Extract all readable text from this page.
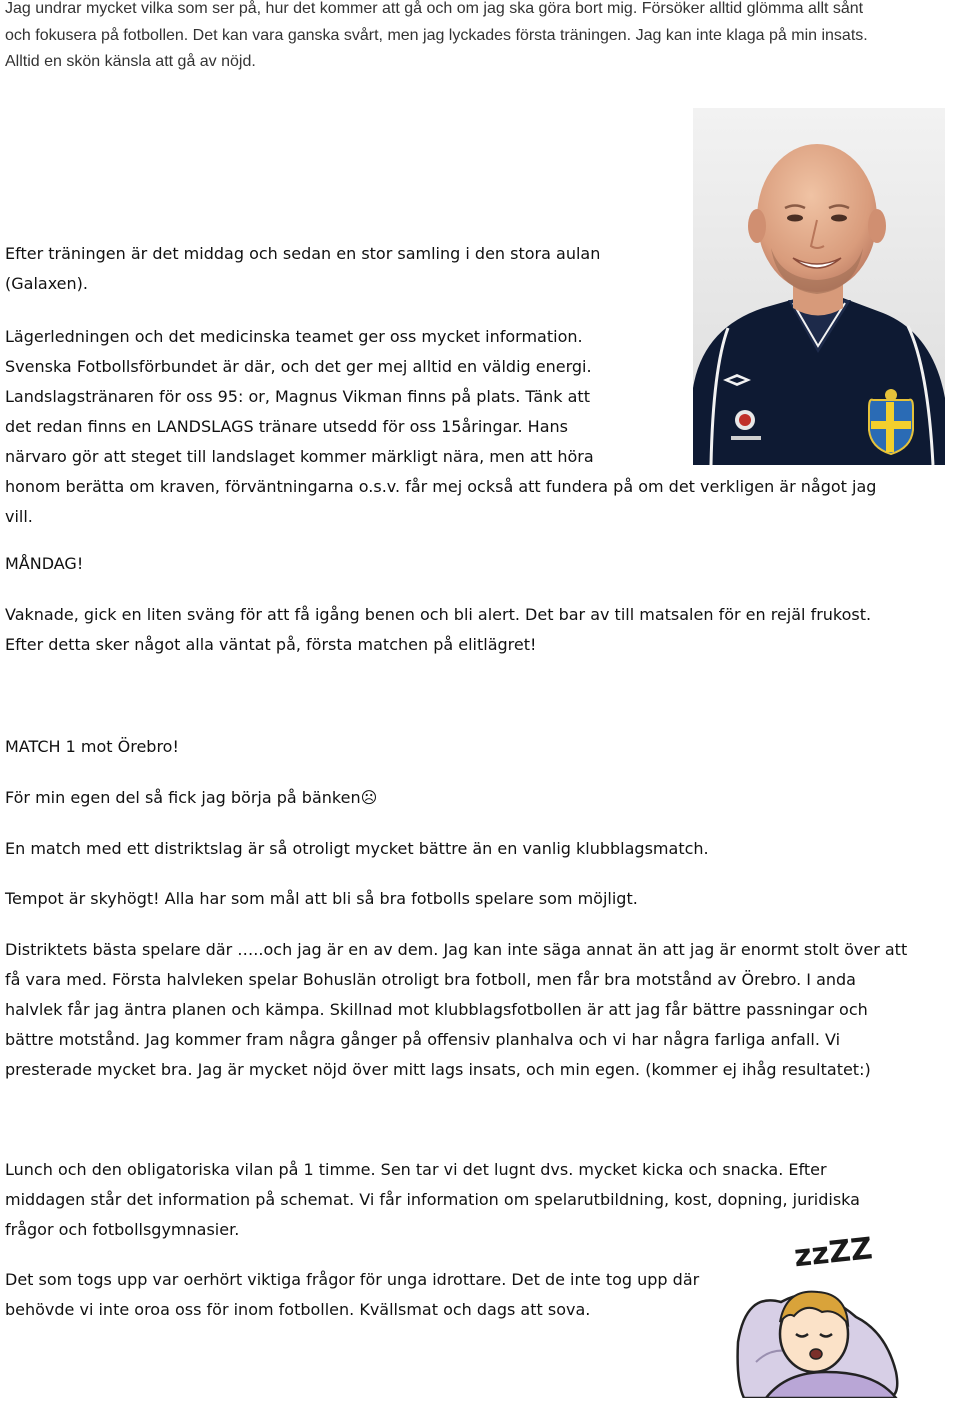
Jag undrar mycket vilka som ser på, hur det kommer att gå och om jag ska göra bort mig. Försöker alltid glömma allt sånt

och fokusera på fotbollen. Det kan vara ganska svårt, men jag lyckades första träningen. Jag kan inte klaga på min insats.

Alltid en skön känsla att gå av nöjd.

Efter träningen är det middag och sedan en stor samling i den stora aulan
(Galaxen).
Lägerledningen och det medicinska teamet ger oss mycket information.
Svenska Fotbollsförbundet är där, och det ger mej alltid en väldig energi.
Landslagstränaren för oss 95: or, Magnus Vikman finns på plats. Tänk att
det redan finns en LANDSLAGS tränare utsedd för oss 15åringar. Hans
närvaro gör att steget till landslaget kommer märkligt nära, men att höra
honom berätta om kraven, förväntningarna o.s.v. får mej också att fundera på om det verkligen är något jag
vill.
MÅNDAG!
Vaknade, gick en liten sväng för att få igång benen och bli alert. Det bar av till matsalen för en rejäl frukost.
Efter detta sker något alla väntat på, första matchen på elitlägret!
MATCH 1 mot Örebro!
För min egen del så fick jag börja på bänken☹
En match med ett distriktslag är så otroligt mycket bättre än en vanlig klubblagsmatch.
Tempot är skyhögt! Alla har som mål att bli så bra fotbolls spelare som möjligt.
Distriktets bästa spelare där …..och jag är en av dem. Jag kan inte säga annat än att jag är enormt stolt över att
få vara med. Första halvleken spelar Bohuslän otroligt bra fotboll, men får bra motstånd av Örebro. I anda
halvlek får jag äntra planen och kämpa. Skillnad mot klubblagsfotbollen är att jag får bättre passningar och
bättre motstånd. Jag kommer fram några gånger på offensiv planhalva och vi har några farliga anfall. Vi
presterade mycket bra. Jag är mycket nöjd över mitt lags insats, och min egen. (kommer ej ihåg resultatet:)
Lunch och den obligatoriska vilan på 1 timme. Sen tar vi det lugnt dvs. mycket kicka och snacka. Efter
middagen står det information på schemat. Vi får information om spelarutbildning, kost, dopning, juridiska
frågor och fotbollsgymnasier.
Det som togs upp var oerhört viktiga frågor för unga idrottare. Det de inte tog upp där
behövde vi inte oroa oss för inom fotbollen. Kvällsmat och dags att sova.
zzZZ
